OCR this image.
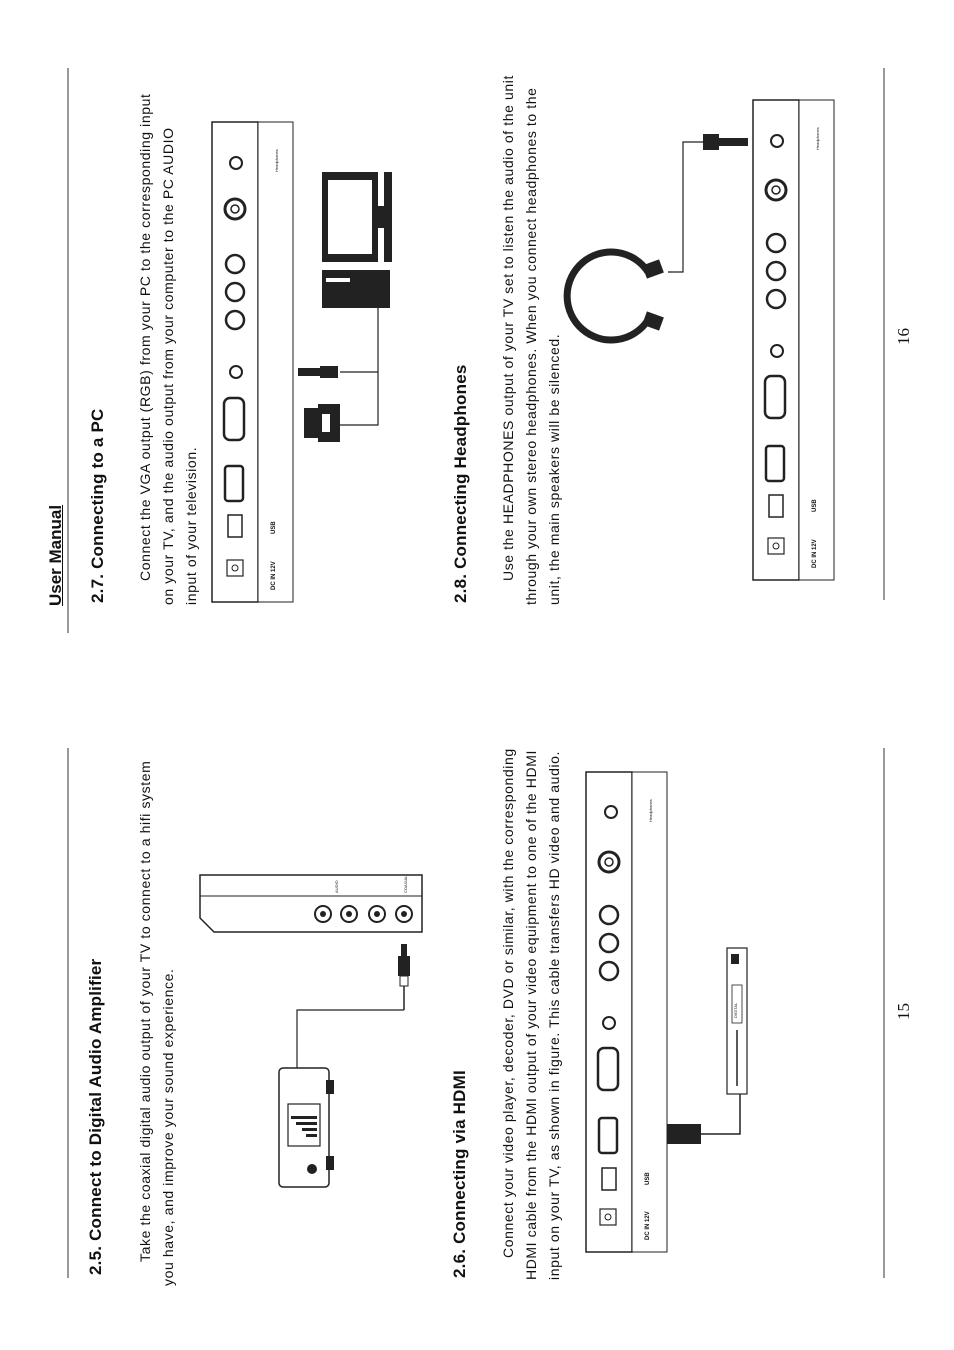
User Manual
2.5. Connect to Digital Audio Amplifier Take the coaxial digital audio output of your TV to connect to a hifi system you have, and improve your sound experience.	2.6. Connecting via HDMI Connect your video player, decoder, DVD or similar, with the corresponding HDMI cable from the HDMI output of your video equipment to one of the HDMI input on your TV, as shown in figure. This cable transfers HD video and audio.	15
2.7. Connecting to a PC Connect the VGA output (RGB) from your PC to the corresponding input on your TV, and the audio output from your computer to the PC AUDIO input of your television.	2.8. Connecting Headphones Use the HEADPHONES output of your TV set to listen the audio of the unit through your own stereo headphones. When you connect headphones to the unit, the main speakers will be silenced.	16
COAXIAL
AUDIO
DC IN 12V
USB
Headphones
DIGITAL
DC IN 12V
USB
Headphones
DC IN 12V
USB
Headphones
